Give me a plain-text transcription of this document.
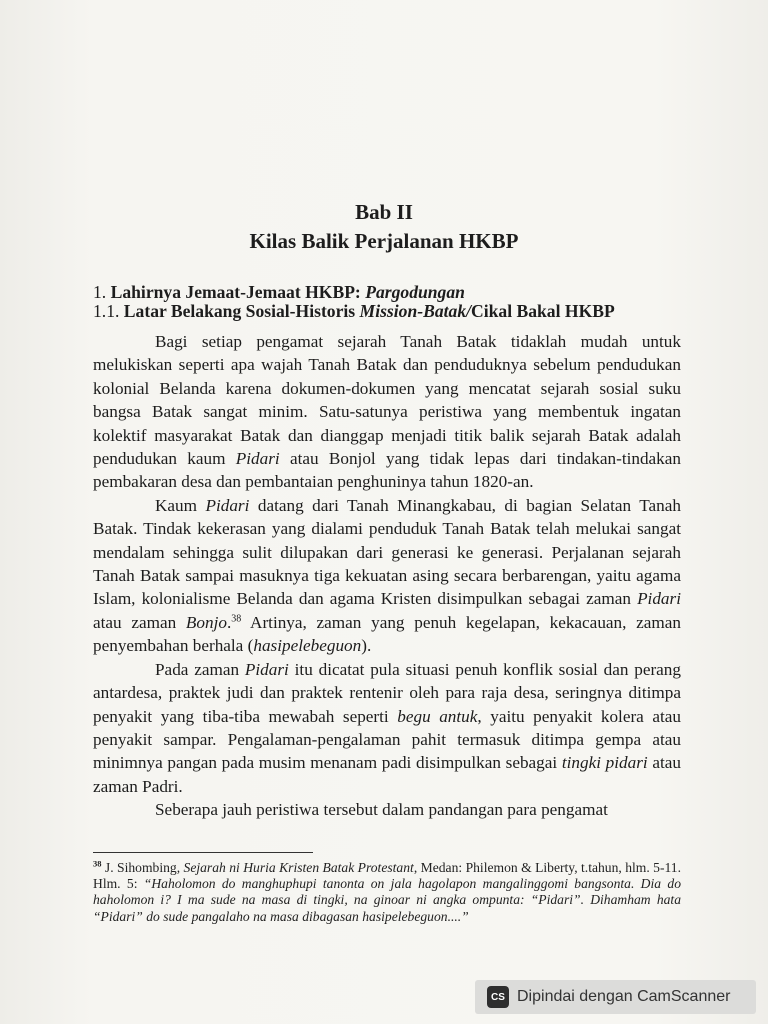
Bab II
Kilas Balik Perjalanan HKBP
1. Lahirnya Jemaat-Jemaat HKBP: Pargodungan
1.1. Latar Belakang Sosial-Historis Mission-Batak/Cikal Bakal HKBP

Bagi setiap pengamat sejarah Tanah Batak tidaklah mudah untuk melukiskan seperti apa wajah Tanah Batak dan penduduknya sebelum pendudukan kolonial Belanda karena dokumen-dokumen yang mencatat sejarah sosial suku bangsa Batak sangat minim. Satu-satunya peristiwa yang membentuk ingatan kolektif masyarakat Batak dan dianggap menjadi titik balik sejarah Batak adalah pendudukan kaum Pidari atau Bonjol yang tidak lepas dari tindakan-tindakan pembakaran desa dan pembantaian penghuninya tahun 1820-an.

Kaum Pidari datang dari Tanah Minangkabau, di bagian Selatan Tanah Batak. Tindak kekerasan yang dialami penduduk Tanah Batak telah melukai sangat mendalam sehingga sulit dilupakan dari generasi ke generasi. Perjalanan sejarah Tanah Batak sampai masuknya tiga kekuatan asing secara berbarengan, yaitu agama Islam, kolonialisme Belanda dan agama Kristen disimpulkan sebagai zaman Pidari atau zaman Bonjo.$^{38}$ Artinya, zaman yang penuh kegelapan, kekacauan, zaman penyembahan berhala (hasipelebeguon).

Pada zaman Pidari itu dicatat pula situasi penuh konflik sosial dan perang antardesa, praktek judi dan praktek rentenir oleh para raja desa, seringnya ditimpa penyakit yang tiba-tiba mewabah seperti begu antuk, yaitu penyakit kolera atau penyakit sampar. Pengalaman-pengalaman pahit termasuk ditimpa gempa atau minimnya pangan pada musim menanam padi disimpulkan sebagai tingki pidari atau zaman Padri.

Seberapa jauh peristiwa tersebut dalam pandangan para pengamat

$^{38}$ J. Sihombing, Sejarah ni Huria Kristen Batak Protestant, Medan: Philemon & Liberty, t.tahun, hlm. 5-11. Hlm. 5: “Haholomon do manghuphupi tanonta on jala hagolapon mangalinggomi bangsonta. Dia do haholomon i? I ma sude na masa di tingki, na ginoar ni angka ompunta: “Pidari”. Dihamham hata “Pidari” do sude pangalaho na masa dibagasan hasipelebeguon....”
CS Dipindai dengan CamScanner
